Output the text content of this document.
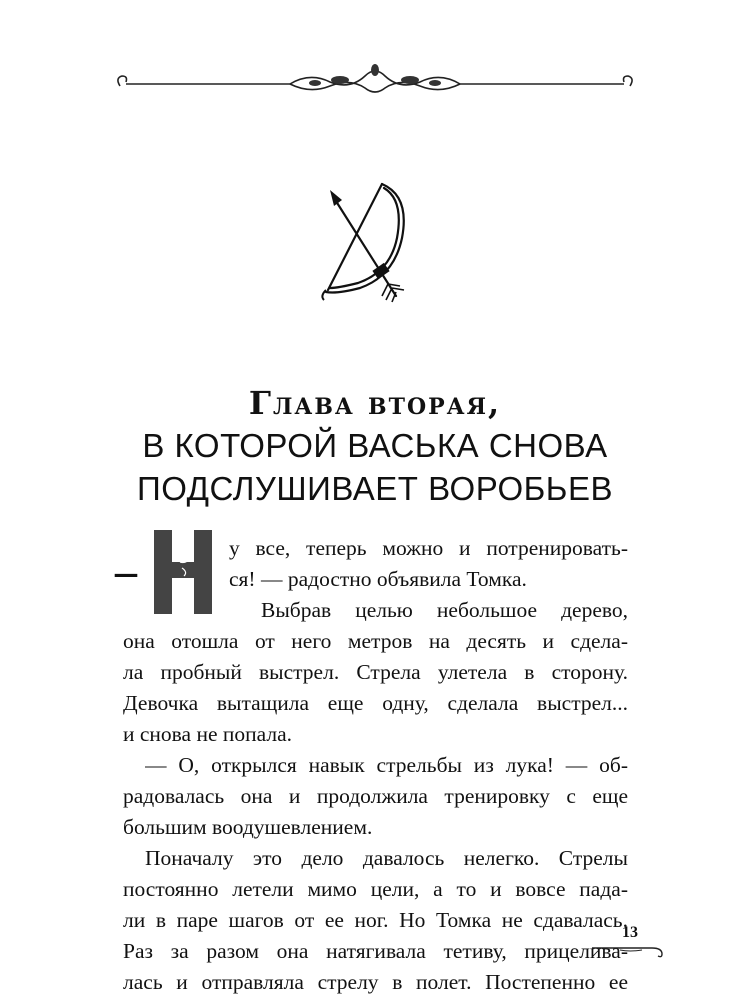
Глава вторая,
В КОТОРОЙ ВАСЬКА СНОВА
ПОДСЛУШИВАЕТ ВОРОБЬЕВ
–	у все, теперь можно и потренировать-
ся! — радостно объявила Томка.
Выбрав целью небольшое дерево,
она отошла от него метров на десять и сдела-
ла пробный выстрел. Стрела улетела в сторону.
Девочка вытащила еще одну, сделала выстрел...
и снова не попала.
— О, открылся навык стрельбы из лука! — об-
радовалась она и продолжила тренировку с еще
большим воодушевлением.
Поначалу это дело давалось нелегко. Стрелы
постоянно летели мимо цели, а то и вовсе пада-
ли в паре шагов от ее ног. Но Томка не сдавалась.
Раз за разом она натягивала тетиву, прицелива-
лась и отправляла стрелу в полет. Постепенно ее
13
